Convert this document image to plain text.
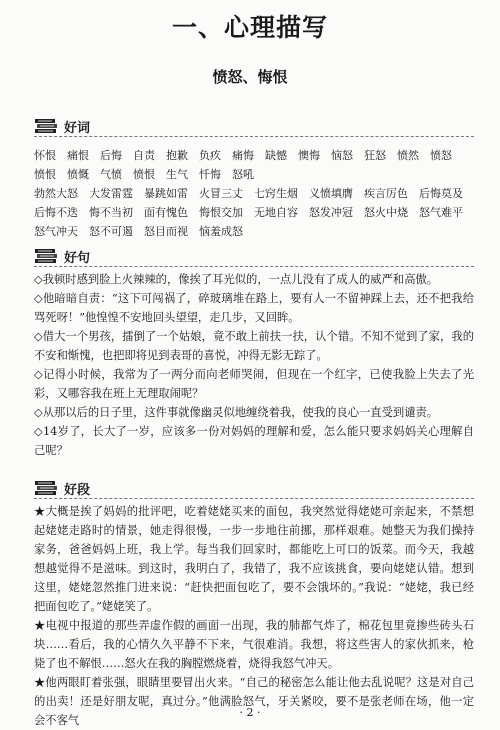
一、心理描写
愤怒、悔恨
好词
怀恨 痛恨 后悔 自责 抱歉 负疚 痛悔 缺憾 懊悔 恼怒 狂怒 愤然 愤怒
愤恨 愤慨 气愤 愤恨 生气 忏悔 怒吼
勃然大怒 大发雷霆 暴跳如雷 火冒三丈 七窍生烟 义愤填膺 疾言厉色 后悔莫及
后悔不迭 悔不当初 面有愧色 悔恨交加 无地自容 怒发冲冠 怒火中烧 怒气难平
怒气冲天 怒不可遏 怒目而视 恼羞成怒
好句

◇我顿时感到脸上火辣辣的，像挨了耳光似的，一点儿没有了成人的威严和高傲。

◇他暗暗自责：“这下可闯祸了，碎玻璃堆在路上，要有人一不留神踩上去，还不把我给骂死呀！”他惶惶不安地回头望望，走几步，又回眸。

◇借大一个男孩，擂倒了一个姑娘，竟不敢上前扶一扶，认个错。不知不觉到了家，我的不安和惭愧，也把即将见到表哥的喜悦，冲得无影无踪了。

◇记得小时候，我常为了一两分而向老师哭闹，但现在一个红字，已使我脸上失去了光彩，又哪容我在班上无理取闹呢？

◇从那以后的日子里，这件事就像幽灵似地缠绕着我，使我的良心一直受到谴责。

◇14岁了，长大了一岁，应该多一份对妈妈的理解和爱，怎么能只要求妈妈关心理解自己呢？

好段

★大概是挨了妈妈的批评吧，吃着姥姥买来的面包，我突然觉得姥姥可亲起来，不禁想起姥姥走路时的情景，她走得很慢，一步一步地往前挪，那样艰难。她整天为我们操持家务，爸爸妈妈上班，我上学。每当我们回家时，都能吃上可口的饭菜。而今天，我越想越觉得不是滋味。到这时，我明白了，我错了，我不应该挑食，要向姥姥认错。想到这里，姥姥忽然推门进来说：“赶快把面包吃了，要不会饿坏的。”我说：“姥姥，我已经把面包吃了。”姥姥笑了。

★电视中报道的那些弄虚作假的画面一出现，我的肺都气炸了，棉花包里竟掺些砖头石块……看后，我的心情久久平静不下来，气很难消。我想，将这些害人的家伙抓来，枪毙了也不解恨……怒火在我的胸膛燃烧着，烧得我怒气冲天。

★他两眼盯着张强，眼睛里要冒出火来。“自己的秘密怎么能让他去乱说呢？这是对自己的出卖！还是好朋友呢，真过分。”他满脸怒气，牙关紧咬，要不是张老师在场，他一定会不客气

· 2 ·
